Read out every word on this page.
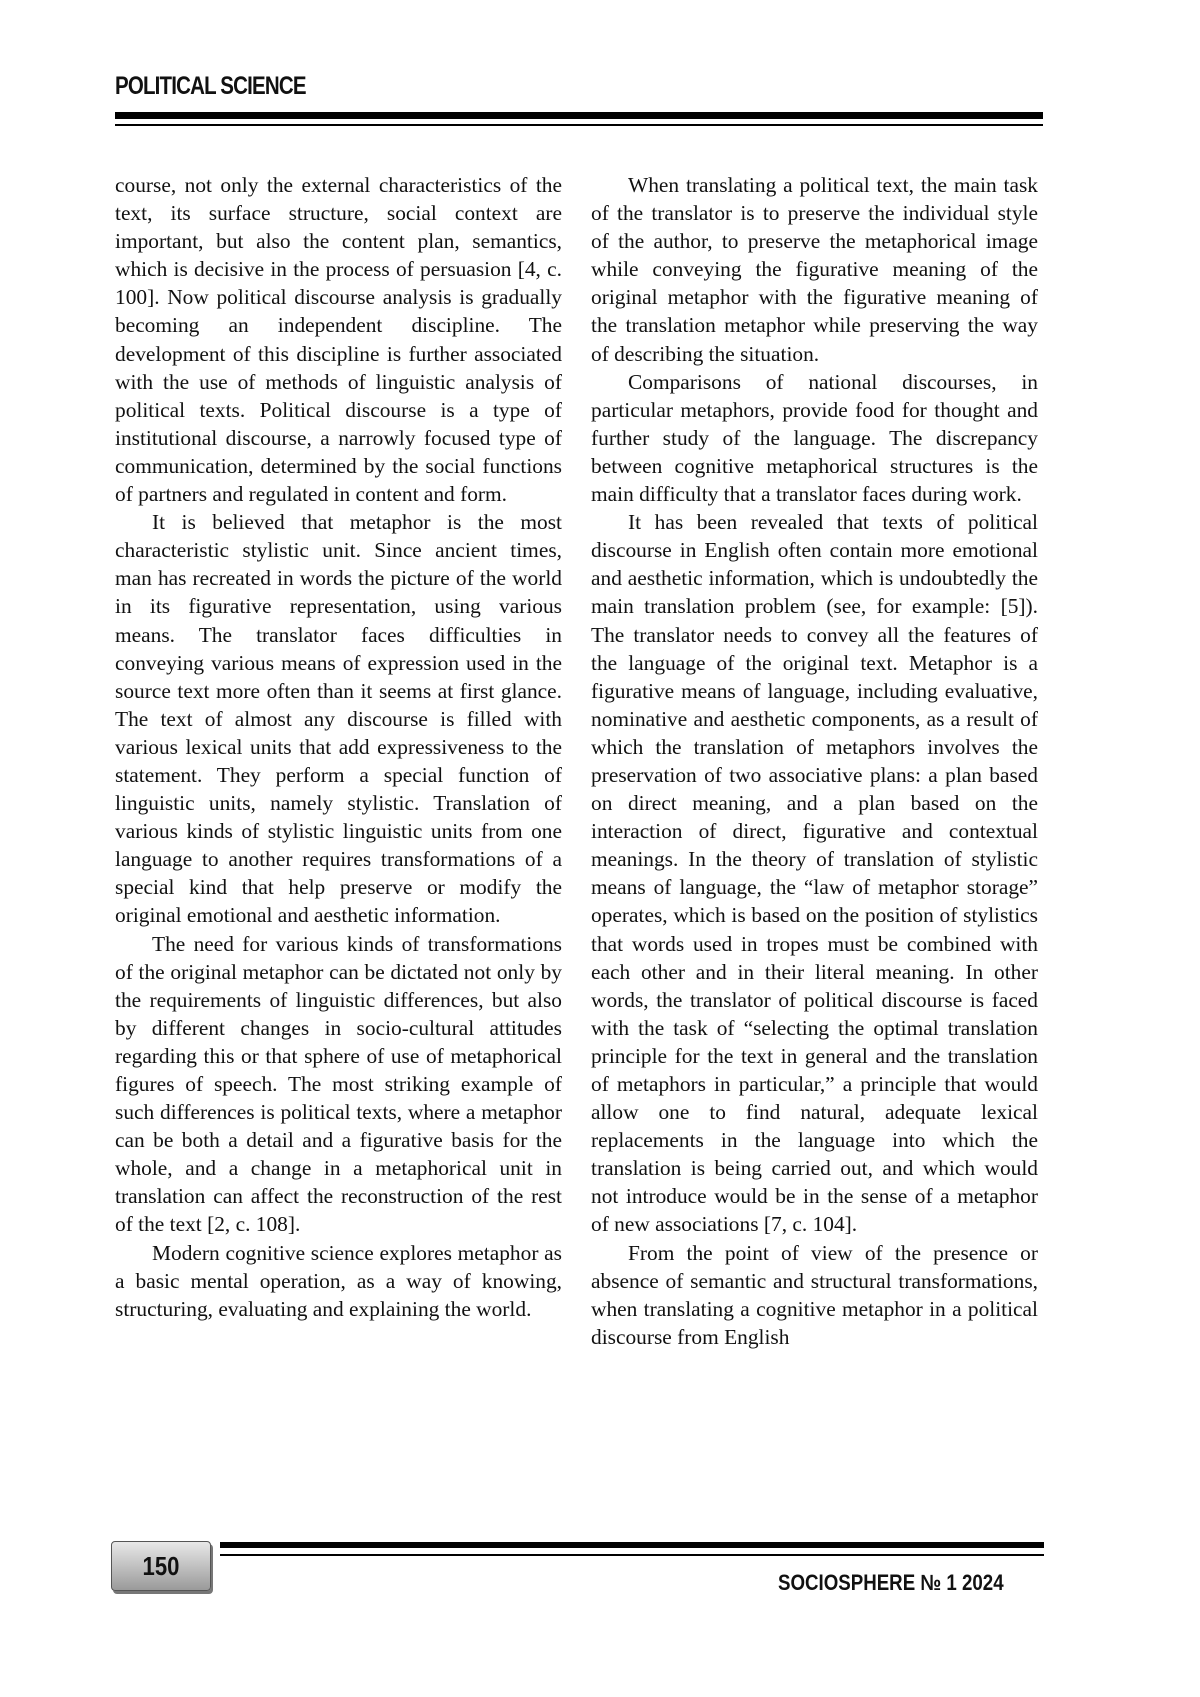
POLITICAL SCIENCE

course, not only the external characteristics of the text, its surface structure, social context are important, but also the content plan, semantics, which is decisive in the process of persuasion [4, c. 100]. Now political discourse analysis is gradually becoming an independent discipline. The development of this discipline is further associated with the use of methods of linguistic analysis of political texts. Political discourse is a type of institutional discourse, a narrowly focused type of communication, determined by the social functions of partners and regulated in content and form.

It is believed that metaphor is the most characteristic stylistic unit. Since ancient times, man has recreated in words the picture of the world in its figurative representation, using various means. The translator faces difficulties in conveying various means of expression used in the source text more often than it seems at first glance. The text of almost any discourse is filled with various lexical units that add expressiveness to the statement. They perform a special function of linguistic units, namely stylistic. Translation of various kinds of stylistic linguistic units from one language to another requires transformations of a special kind that help preserve or modify the original emotional and aesthetic information.

The need for various kinds of transformations of the original metaphor can be dictated not only by the requirements of linguistic differences, but also by different changes in socio-cultural attitudes regarding this or that sphere of use of metaphorical figures of speech. The most striking example of such differences is political texts, where a metaphor can be both a detail and a figurative basis for the whole, and a change in a metaphorical unit in translation can affect the reconstruction of the rest of the text [2, c. 108].

Modern cognitive science explores metaphor as a basic mental operation, as a way of knowing, structuring, evaluating and explaining the world.

When translating a political text, the main task of the translator is to preserve the individual style of the author, to preserve the metaphorical image while conveying the figurative meaning of the original metaphor with the figurative meaning of the translation metaphor while preserving the way of describing the situation.

Comparisons of national discourses, in particular metaphors, provide food for thought and further study of the language. The discrepancy between cognitive metaphorical structures is the main difficulty that a translator faces during work.

It has been revealed that texts of political discourse in English often contain more emotional and aesthetic information, which is undoubtedly the main translation problem (see, for example: [5]). The translator needs to convey all the features of the language of the original text. Metaphor is a figurative means of language, including evaluative, nominative and aesthetic components, as a result of which the translation of metaphors involves the preservation of two associative plans: a plan based on direct meaning, and a plan based on the interaction of direct, figurative and contextual meanings. In the theory of translation of stylistic means of language, the “law of metaphor storage” operates, which is based on the position of stylistics that words used in tropes must be combined with each other and in their literal meaning. In other words, the translator of political discourse is faced with the task of “selecting the optimal translation principle for the text in general and the translation of metaphors in particular,” a principle that would allow one to find natural, adequate lexical replacements in the language into which the translation is being carried out, and which would not introduce would be in the sense of a metaphor of new associations [7, c. 104].

From the point of view of the presence or absence of semantic and structural transformations, when translating a cognitive metaphor in a political discourse from English

150
SOCIOSPHERE № 1 2024
